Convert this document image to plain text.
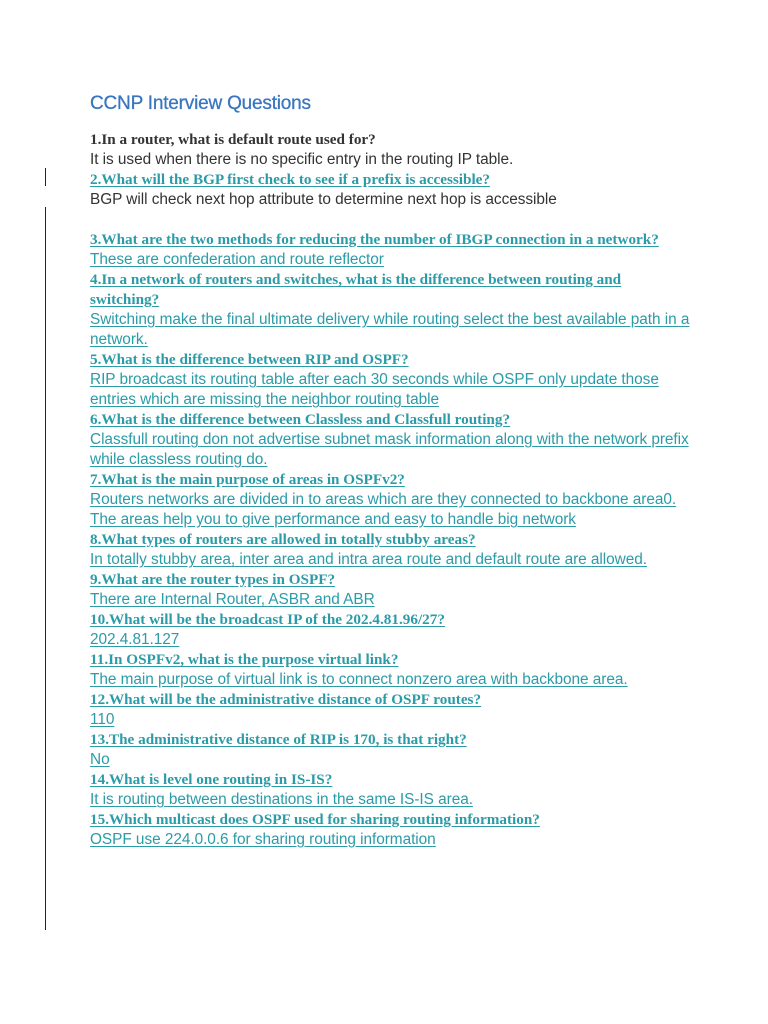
CCNP Interview Questions
1.In a router, what is default route used for?
It is used when there is no specific entry in the routing IP table.
2.What will the BGP first check to see if a prefix is accessible?
BGP will check next hop attribute to determine next hop is accessible
3.What are the two methods for reducing the number of IBGP connection in a network?
These are confederation and route reflector
4.In a network of routers and switches, what is the difference between routing and switching?
Switching make the final ultimate delivery while routing select the best available path in a network.
5.What is the difference between RIP and OSPF?
RIP broadcast its routing table after each 30 seconds while OSPF only update those entries which are missing the neighbor routing table
6.What is the difference between Classless and Classfull routing?
Classfull routing don not advertise subnet mask information along with the network prefix while classless routing do.
7.What is the main purpose of areas in OSPFv2?
Routers networks are divided in to areas which are they connected to backbone area0. The areas help you to give performance and easy to handle big network
8.What types of routers are allowed in totally stubby areas?
In totally stubby area, inter area and intra area route and default route are allowed.
9.What are the router types in OSPF?
There are Internal Router, ASBR and ABR
10.What will be the broadcast IP of the 202.4.81.96/27?
202.4.81.127
11.In OSPFv2, what is the purpose virtual link?
The main purpose of virtual link is to connect nonzero area with backbone area.
12.What will be the administrative distance of OSPF routes?
110
13.The administrative distance of RIP is 170, is that right?
No
14.What is level one routing in IS-IS?
It is routing between destinations in the same IS-IS area.
15.Which multicast does OSPF used for sharing routing information?
OSPF use 224.0.0.6 for sharing routing information
